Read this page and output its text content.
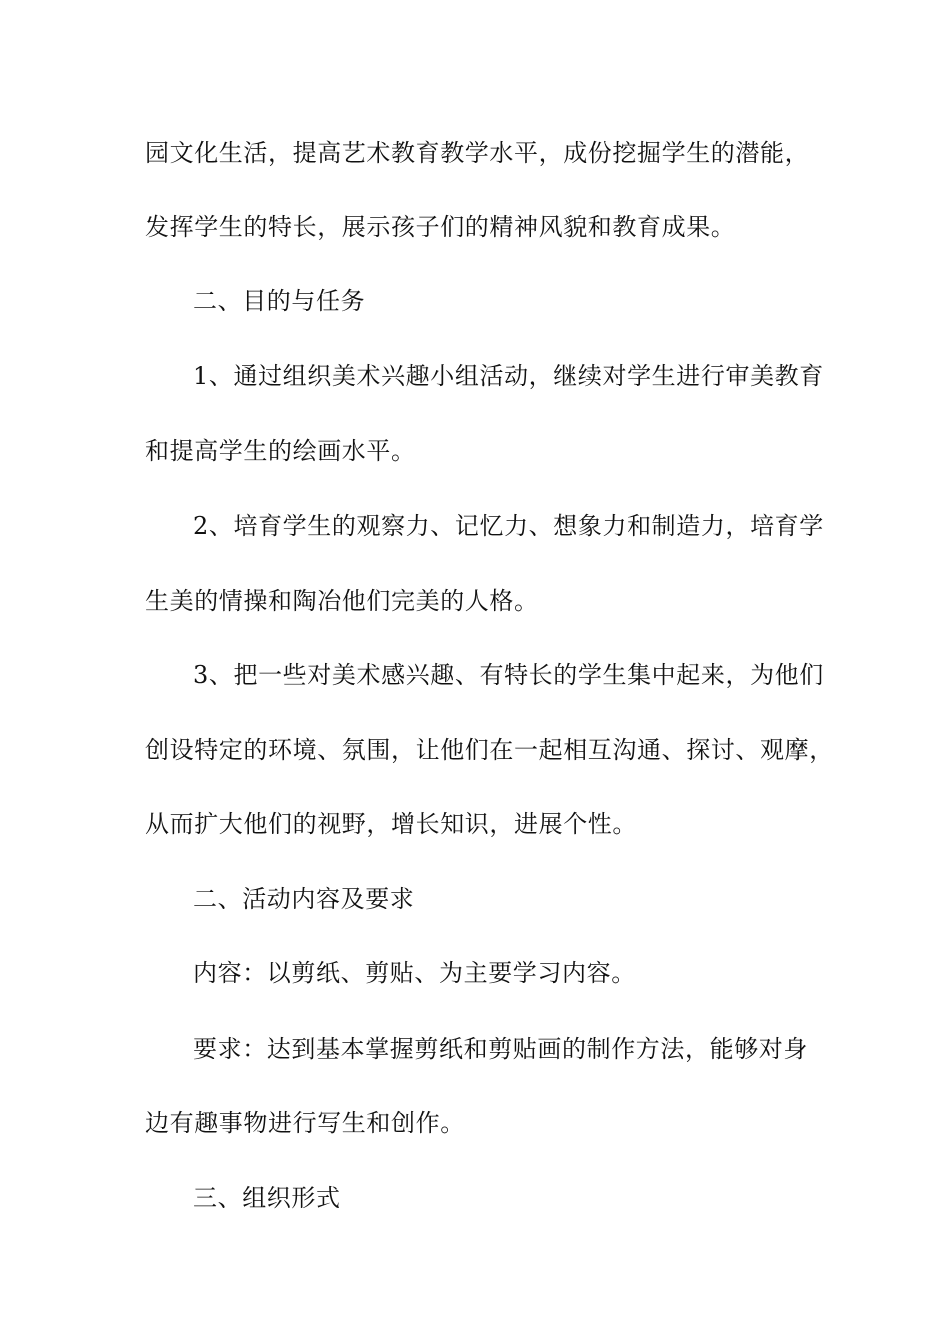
园文化生活，提高艺术教育教学水平，成份挖掘学生的潜能，
发挥学生的特长，展示孩子们的精神风貌和教育成果。
二、目的与任务
1、通过组织美术兴趣小组活动，继续对学生进行审美教育
和提高学生的绘画水平。
2、培育学生的观察力、记忆力、想象力和制造力，培育学
生美的情操和陶冶他们完美的人格。
3、把一些对美术感兴趣、有特长的学生集中起来，为他们
创设特定的环境、氛围，让他们在一起相互沟通、探讨、观摩，
从而扩大他们的视野，增长知识，进展个性。
二、活动内容及要求
内容：以剪纸、剪贴、为主要学习内容。
要求：达到基本掌握剪纸和剪贴画的制作方法，能够对身
边有趣事物进行写生和创作。
三、组织形式
